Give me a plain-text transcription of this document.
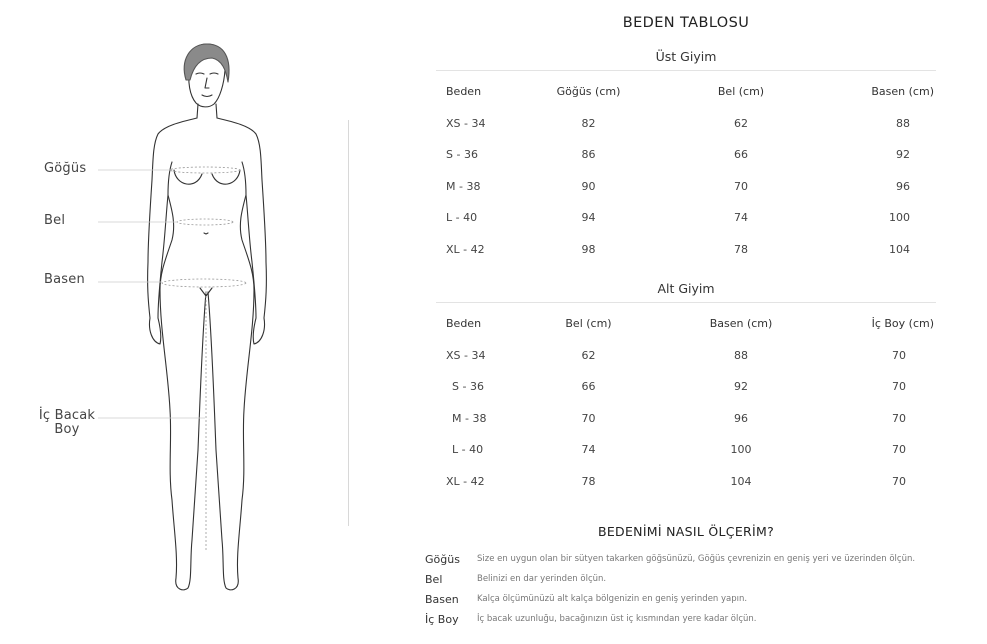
Göğüs
Bel
Basen
İç Bacak
Boy
BEDEN TABLOSU
Üst Giyim
Beden	Göğüs (cm)	Bel (cm)	Basen (cm)
XS - 34	82	62	88
S - 36	86	66	92
M - 38	90	70	96
L - 40	94	74	100
XL - 42	98	78	104
Alt Giyim
Beden	Bel (cm)	Basen (cm)	İç Boy (cm)
XS - 34	62	88	70
S - 36	66	92	70
M - 38	70	96	70
L - 40	74	100	70
XL - 42	78	104	70
BEDENİMİ NASIL ÖLÇERİM?
Göğüs	Size en uygun olan bir sütyen takarken göğsünüzü, Göğüs çevrenizin en geniş yeri ve üzerinden ölçün.
Bel	Belinizi en dar yerinden ölçün.
Basen	Kalça ölçümünüzü alt kalça bölgenizin en geniş yerinden yapın.
İç Boy	İç bacak uzunluğu, bacağınızın üst iç kısmından yere kadar ölçün.
